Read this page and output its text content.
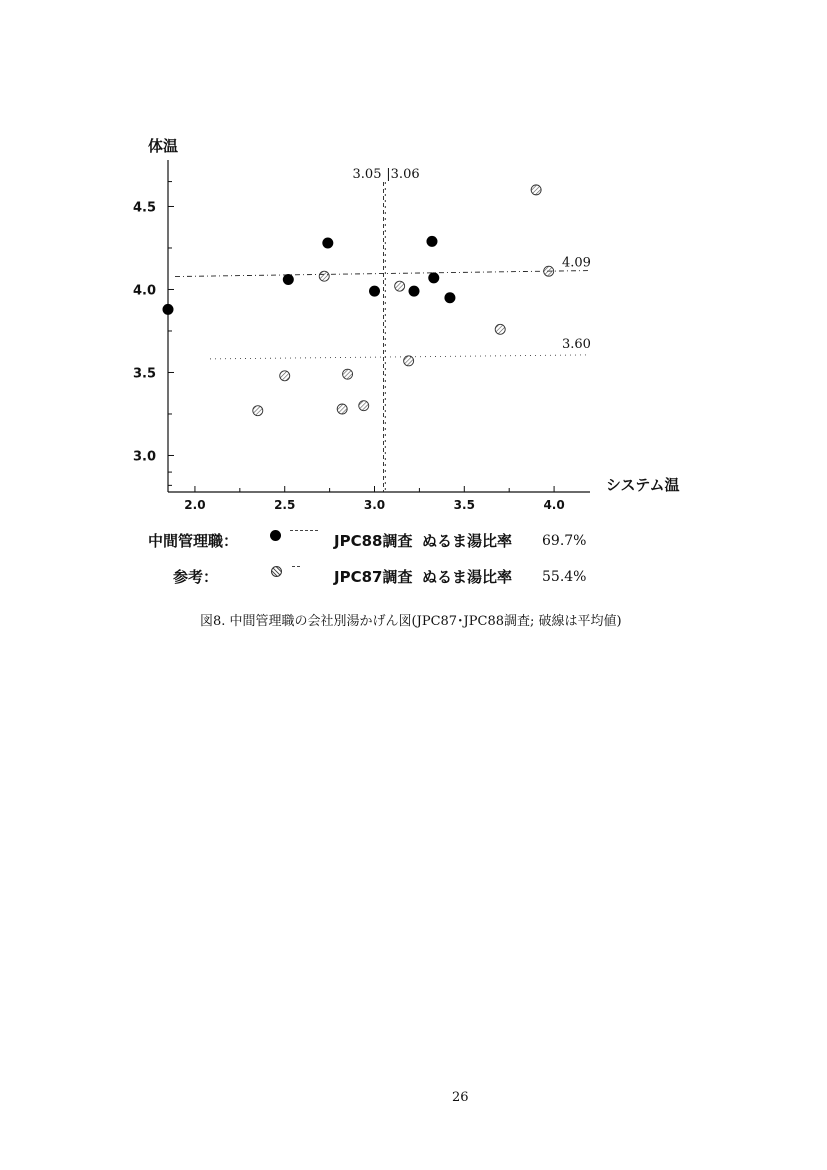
2.0	2.5	3.0	3.5	4.0
3.0
3.5
4.0
4.5
体温
システム温
3.05 |3.06
4.09
3.60
中間管理職：	JPC88調査 ぬるま湯比率 69.7%
参考：	JPC87調査 ぬるま湯比率 55.4%
図8. 中間管理職の会社別湯かげん図(JPC87･JPC88調査; 破線は平均値)
26
